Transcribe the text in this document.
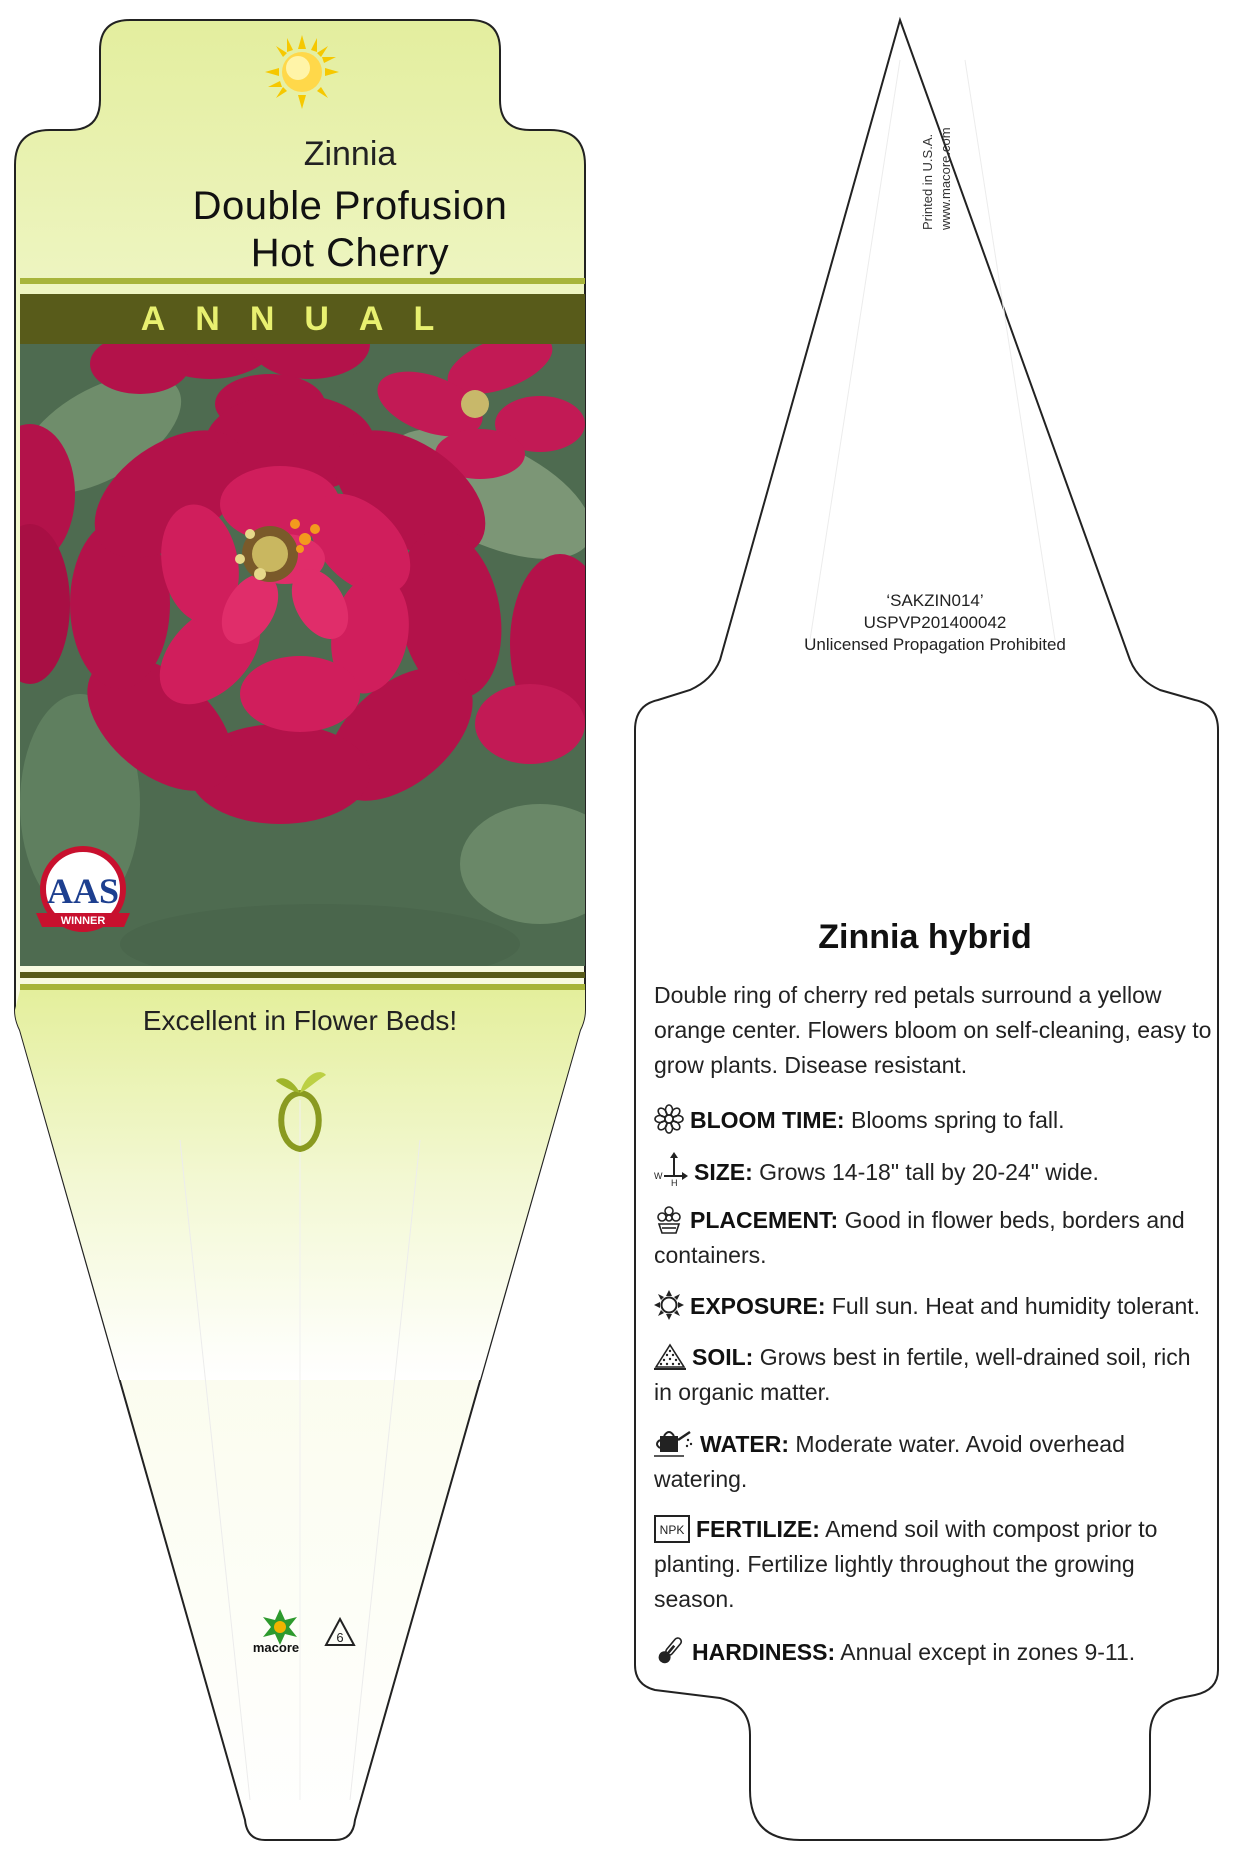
Zinnia
Double Profusion
Hot Cherry
ANNUAL
AAS
WINNER
Excellent in Flower Beds!
macore
6
Printed in U.S.A. www.macore.com
‘SAKZIN014’
USPVP201400042
Unlicensed Propagation Prohibited
Zinnia hybrid
Double ring of cherry red petals surround a yellow orange center. Flowers bloom on self-cleaning, easy to grow plants. Disease resistant.
BLOOM TIME: Blooms spring to fall.
W
H SIZE: Grows 14-18" tall by 20-24" wide.
PLACEMENT: Good in flower beds, borders and containers.
EXPOSURE: Full sun. Heat and humidity tolerant.
SOIL: Grows best in fertile, well-drained soil, rich in organic matter.
WATER: Moderate water. Avoid overhead watering.
NPK FERTILIZE: Amend soil with compost prior to planting. Fertilize lightly throughout the growing season.
HARDINESS: Annual except in zones 9-11.
